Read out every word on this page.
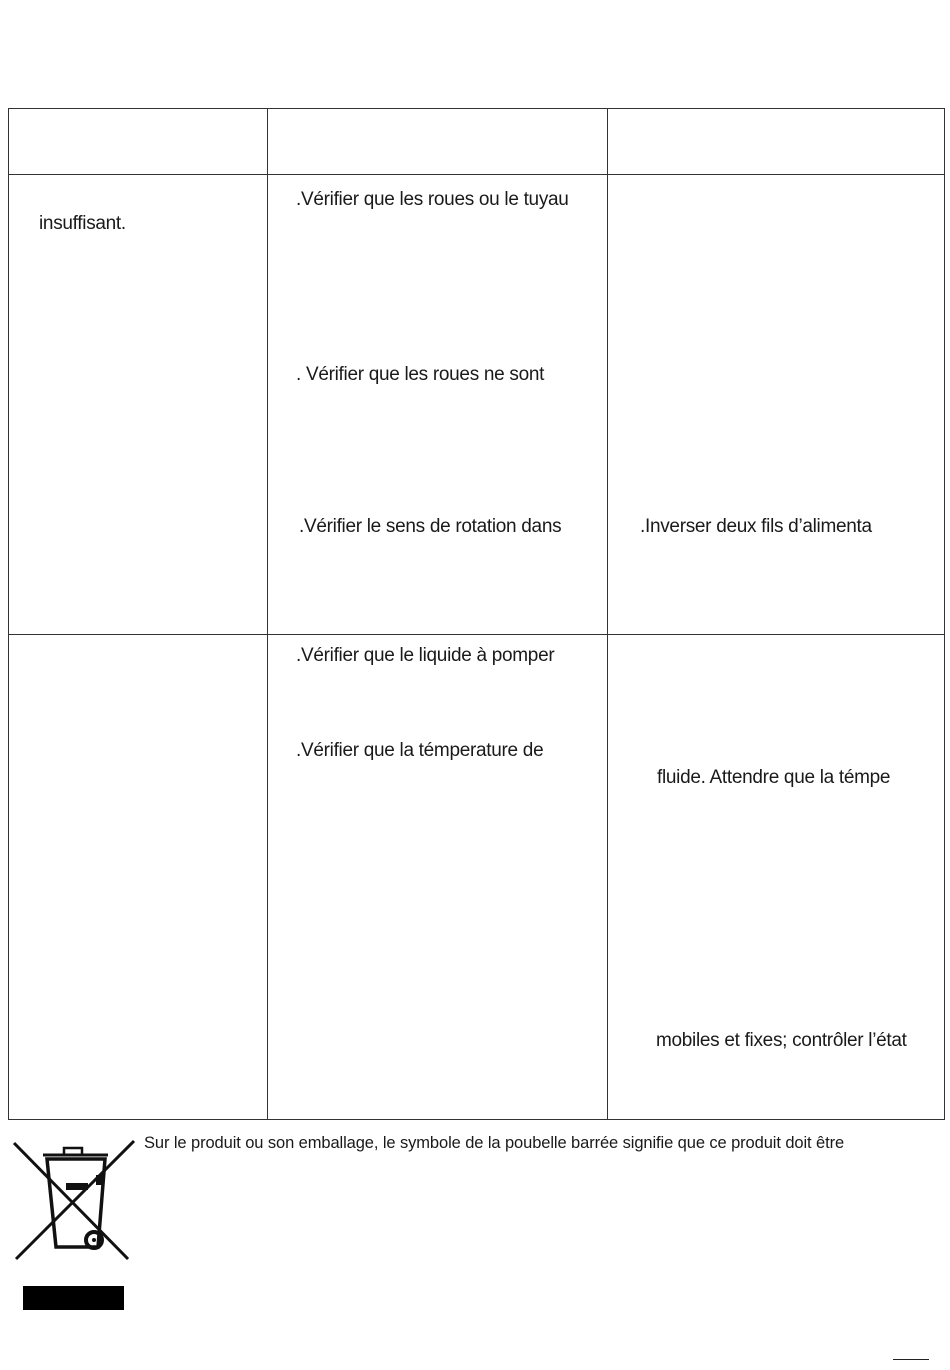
insuffisant.
.Vérifier que les roues ou le tuyau
. Vérifier que les roues ne sont
.Vérifier le sens de rotation dans	.Inverser deux fils d’alimenta
.Vérifier que le liquide à pomper
.Vérifier que la témperature de
fluide. Attendre que la témpe
mobiles et fixes; contrôler l’état
Sur le produit ou son emballage, le symbole de la poubelle barrée signifie que ce produit doit être
